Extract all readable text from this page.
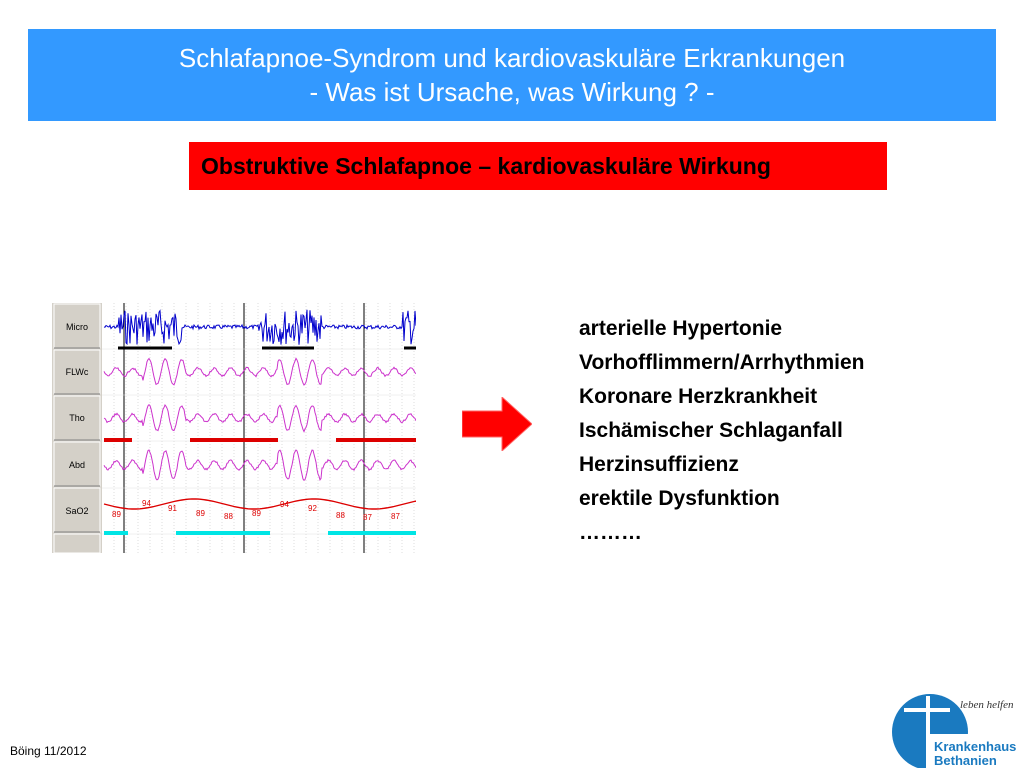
Schlafapnoe-Syndrom und kardiovaskuläre Erkrankungen
- Was ist Ursache, was Wirkung ? -
Obstruktive Schlafapnoe – kardiovaskuläre Wirkung
Micro
FLWc
Tho
Abd
SaO2	89
94
91
89 88 89
94 92
88 87 87
arterielle Hypertonie
Vorhofflimmern/Arrhythmien
Koronare Herzkrankheit
Ischämischer Schlaganfall
Herzinsuffizienz
erektile Dysfunktion
………
Böing 11/2012
leben helfen
Krankenhaus
Bethanien
